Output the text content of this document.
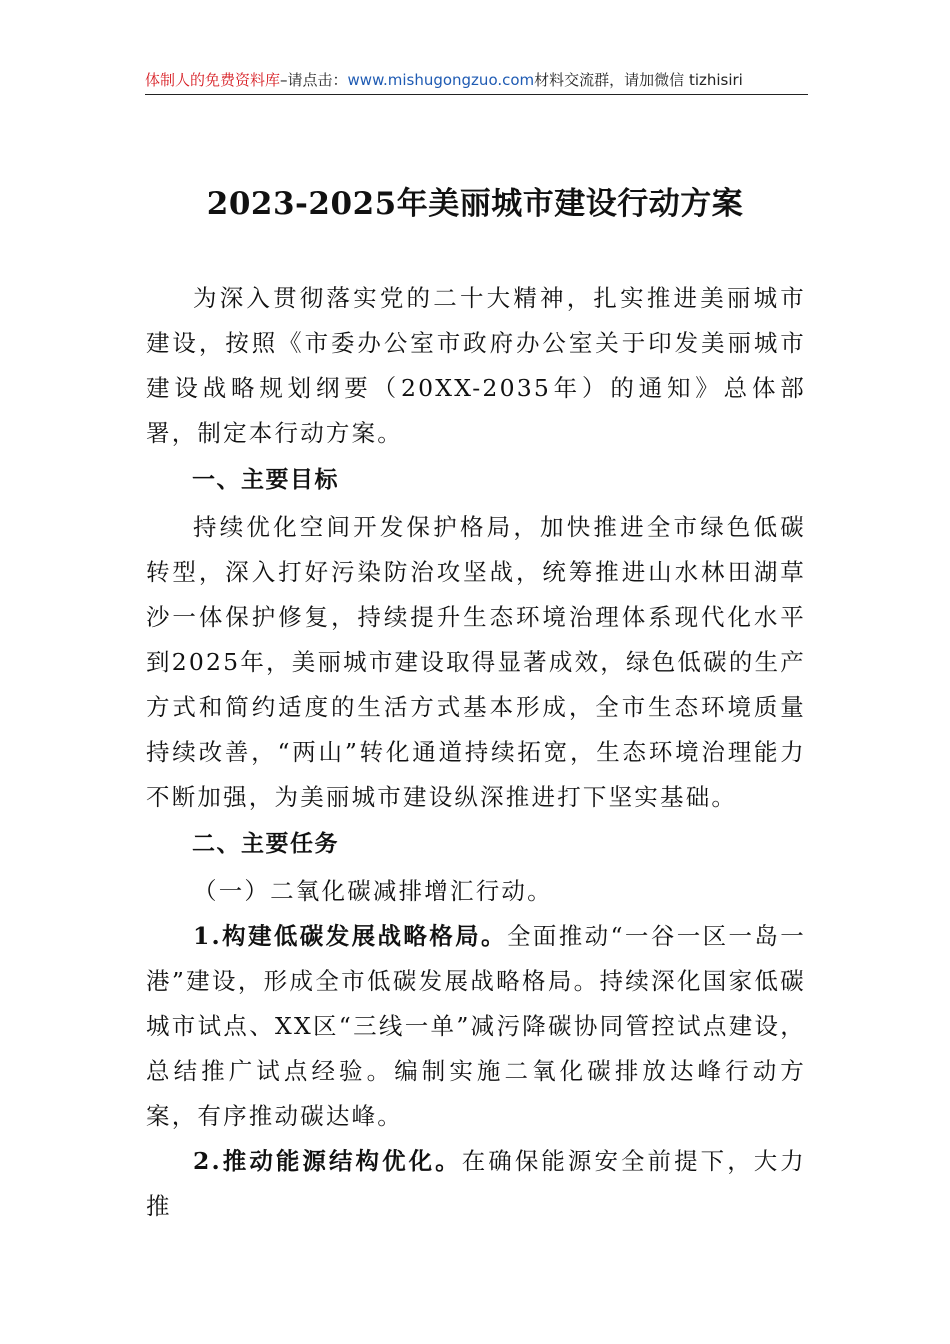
体制人的免费资料库–请点击：www.mishugongzuo.com材料交流群，请加微信 tizhisiri
2023-2025年美丽城市建设行动方案

为深入贯彻落实党的二十大精神，扎实推进美丽城市建设，按照《市委办公室市政府办公室关于印发美丽城市建设战略规划纲要（20XX-2035年）的通知》总体部署，制定本行动方案。

一、主要目标

持续优化空间开发保护格局，加快推进全市绿色低碳转型，深入打好污染防治攻坚战，统筹推进山水林田湖草沙一体保护修复，持续提升生态环境治理体系现代化水平到2025年，美丽城市建设取得显著成效，绿色低碳的生产方式和简约适度的生活方式基本形成，全市生态环境质量持续改善，“两山”转化通道持续拓宽，生态环境治理能力不断加强，为美丽城市建设纵深推进打下坚实基础。

二、主要任务

（一）二氧化碳减排增汇行动。

1.构建低碳发展战略格局。全面推动“一谷一区一岛一港”建设，形成全市低碳发展战略格局。持续深化国家低碳城市试点、XX区“三线一单”减污降碳协同管控试点建设，总结推广试点经验。编制实施二氧化碳排放达峰行动方案，有序推动碳达峰。

2.推动能源结构优化。在确保能源安全前提下，大力推
